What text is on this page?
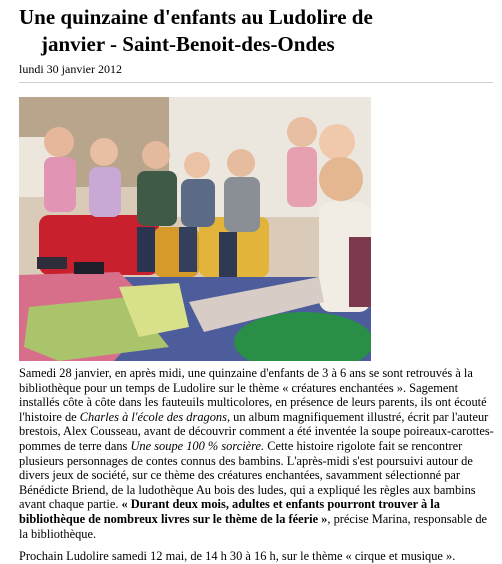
Une quinzaine d'enfants au Ludolire de
janvier - Saint-Benoit-des-Ondes
lundi 30 janvier 2012

Samedi 28 janvier, en après midi, une quinzaine d'enfants de 3 à 6 ans se sont retrouvés à la bibliothèque pour un temps de Ludolire sur le thème « créatures enchantées ». Sagement installés côte à côte dans les fauteuils multicolores, en présence de leurs parents, ils ont écouté l'histoire de Charles à l'école des dragons, un album magnifiquement illustré, écrit par l'auteur brestois, Alex Cousseau, avant de découvrir comment a été inventée la soupe poireaux-carottes-pommes de terre dans Une soupe 100 % sorcière. Cette histoire rigolote fait se rencontrer plusieurs personnages de contes connus des bambins. L'après-midi s'est poursuivi autour de divers jeux de société, sur ce thème des créatures enchantées, savamment sélectionné par Bénédicte Briend, de la ludothèque Au bois des ludes, qui a expliqué les règles aux bambins avant chaque partie. « Durant deux mois, adultes et enfants pourront trouver à la bibliothèque de nombreux livres sur le thème de la féerie », précise Marina, responsable de la bibliothèque.

Prochain Ludolire samedi 12 mai, de 14 h 30 à 16 h, sur le thème « cirque et musique ».
